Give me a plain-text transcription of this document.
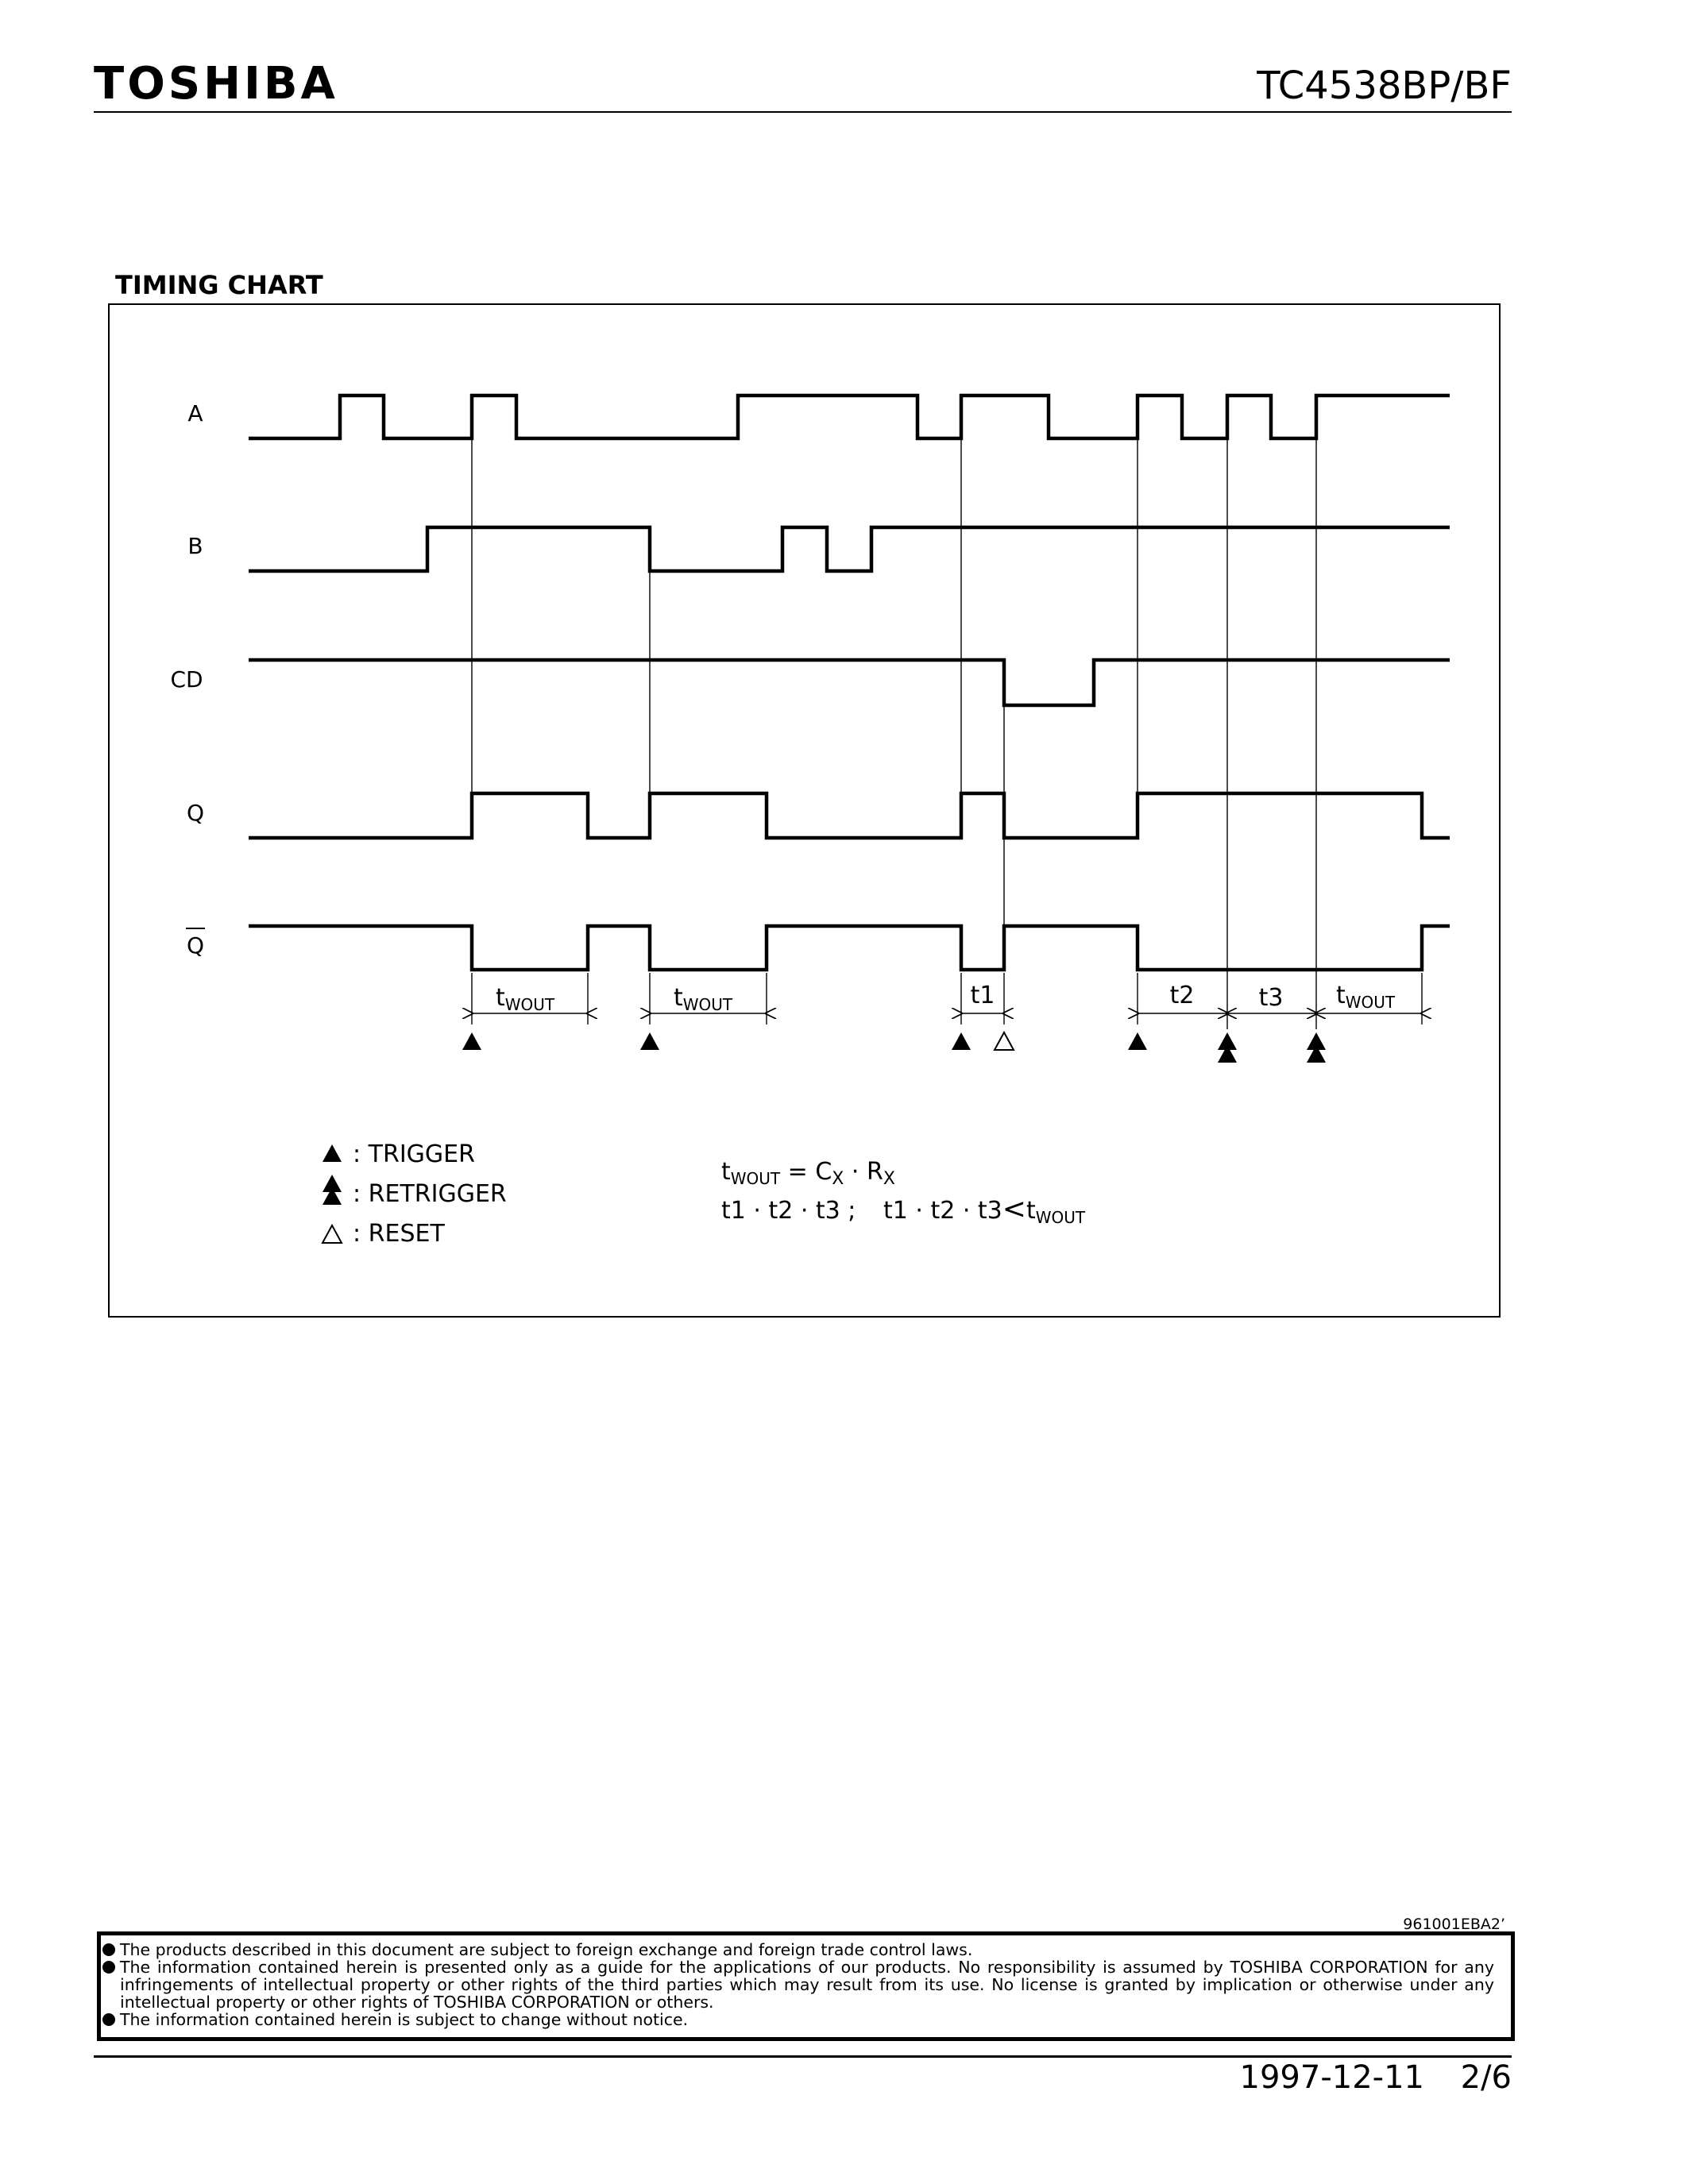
TOSHIBA	TC4538BP/BF
TIMING CHART
A
B
CD
Q
Q
$t_{WOUT}$	$t_{WOUT}$	t1	t2	t3 $t_{WOUT}$
: TRIGGER
: RETRIGGER
: RESET
$t_{WOUT} = C_X \cdot R_X$
t1 · t2 · t3 ; $t1 \cdot t2 \cdot t3<t_{WOUT}$
961001EBA2’
The products described in this document are subject to foreign exchange and foreign trade control laws.
The information contained herein is presented only as a guide for the applications of our products. No responsibility is assumed by TOSHIBA CORPORATION for any infringements of intellectual property or other rights of the third parties which may result from its use. No license is granted by implication or otherwise under any intellectual property or other rights of TOSHIBA CORPORATION or others.
The information contained herein is subject to change without notice.
1997-12-11 2/6
